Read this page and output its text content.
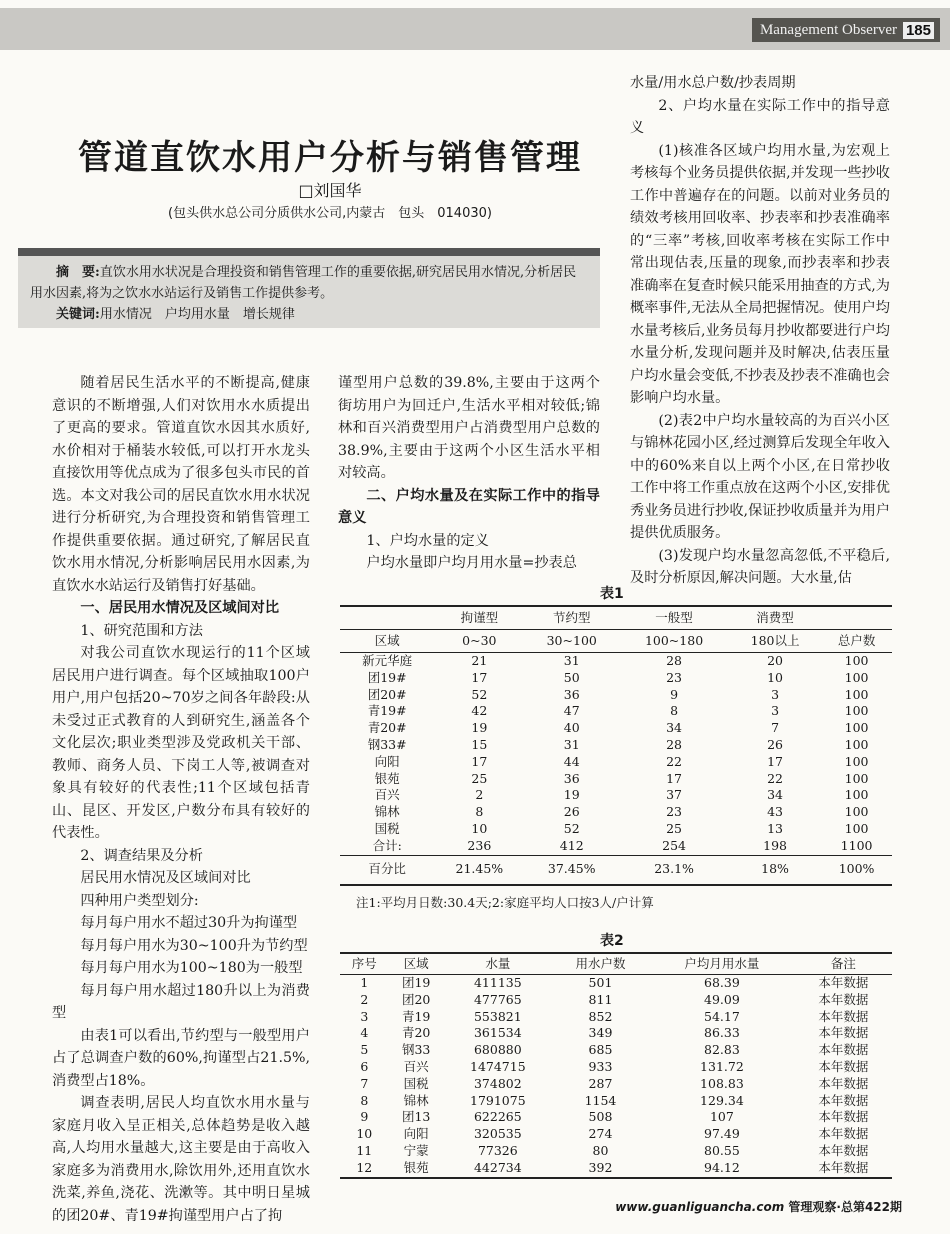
Management Observer 185
管道直饮水用户分析与销售管理
□刘国华
(包头供水总公司分质供水公司,内蒙古　包头　014030)
摘　要:直饮水用水状况是合理投资和销售管理工作的重要依据,研究居民用水情况,分析居民用水因素,将为之饮水水站运行及销售工作提供参考。
关键词:用水情况　户均用水量　增长规律

随着居民生活水平的不断提高,健康意识的不断增强,人们对饮用水水质提出了更高的要求。管道直饮水因其水质好,水价相对于桶装水较低,可以打开水龙头直接饮用等优点成为了很多包头市民的首选。本文对我公司的居民直饮水用水状况进行分析研究,为合理投资和销售管理工作提供重要依据。通过研究,了解居民直饮水用水情况,分析影响居民用水因素,为直饮水水站运行及销售打好基础。

一、居民用水情况及区域间对比

1、研究范围和方法

对我公司直饮水现运行的11个区域居民用户进行调查。每个区域抽取100户用户,用户包括20~70岁之间各年龄段:从未受过正式教育的人到研究生,涵盖各个文化层次;职业类型涉及党政机关干部、教师、商务人员、下岗工人等,被调查对象具有较好的代表性;11个区域包括青山、昆区、开发区,户数分布具有较好的代表性。

2、调查结果及分析

居民用水情况及区域间对比

四种用户类型划分:

每月每户用水不超过30升为拘谨型

每月每户用水为30~100升为节约型

每月每户用水为100~180为一般型

每月每户用水超过180升以上为消费型

由表1可以看出,节约型与一般型用户占了总调查户数的60%,拘谨型占21.5%,消费型占18%。

调查表明,居民人均直饮水用水量与家庭月收入呈正相关,总体趋势是收入越高,人均用水量越大,这主要是由于高收入家庭多为消费用水,除饮用外,还用直饮水洗菜,养鱼,浇花、洗漱等。其中明日星城的团20#、青19#拘谨型用户占了拘

谨型用户总数的39.8%,主要由于这两个街坊用户为回迁户,生活水平相对较低;锦林和百兴消费型用户占消费型用户总数的38.9%,主要由于这两个小区生活水平相对较高。

二、户均水量及在实际工作中的指导意义

1、户均水量的定义

户均水量即户均月用水量=抄表总

水量/用水总户数/抄表周期

2、户均水量在实际工作中的指导意义

(1)核准各区域户均用水量,为宏观上考核每个业务员提供依据,并发现一些抄收工作中普遍存在的问题。以前对业务员的绩效考核用回收率、抄表率和抄表准确率的“三率”考核,回收率考核在实际工作中常出现估表,压量的现象,而抄表率和抄表准确率在复查时候只能采用抽查的方式,为概率事件,无法从全局把握情况。使用户均水量考核后,业务员每月抄收都要进行户均水量分析,发现问题并及时解决,估表压量户均水量会变低,不抄表及抄表不准确也会影响户均水量。

(2)表2中户均水量较高的为百兴小区与锦林花园小区,经过测算后发现全年收入中的60%来自以上两个小区,在日常抄收工作中将工作重点放在这两个小区,安排优秀业务员进行抄收,保证抄收质量并为用户提供优质服务。

(3)发现户均水量忽高忽低,不平稳后,及时分析原因,解决问题。大水量,估

表1
	拘谨型	节约型	一般型	消费型	
区域	0~30	30~100	100~180	180以上	总户数
新元华庭	21	31	28	20	100
团19#	17	50	23	10	100
团20#	52	36	9	3	100
青19#	42	47	8	3	100
青20#	19	40	34	7	100
钢33#	15	31	28	26	100
向阳	17	44	22	17	100
银苑	25	36	17	22	100
百兴	2	19	37	34	100
锦林	8	26	23	43	100
国税	10	52	25	13	100
合计:	236	412	254	198	1100
百分比	21.45%	37.45%	23.1%	18%	100%
注1:平均月日数:30.4天;2:家庭平均人口按3人/户计算
表2
序号	区域	水量	用水户数	户均月用水量	备注
1	团19	411135	501	68.39	本年数据
2	团20	477765	811	49.09	本年数据
3	青19	553821	852	54.17	本年数据
4	青20	361534	349	86.33	本年数据
5	钢33	680880	685	82.83	本年数据
6	百兴	1474715	933	131.72	本年数据
7	国税	374802	287	108.83	本年数据
8	锦林	1791075	1154	129.34	本年数据
9	团13	622265	508	107	本年数据
10	向阳	320535	274	97.49	本年数据
11	宁蒙	77326	80	80.55	本年数据
12	银苑	442734	392	94.12	本年数据
www.guanliguancha.com 管理观察·总第422期
